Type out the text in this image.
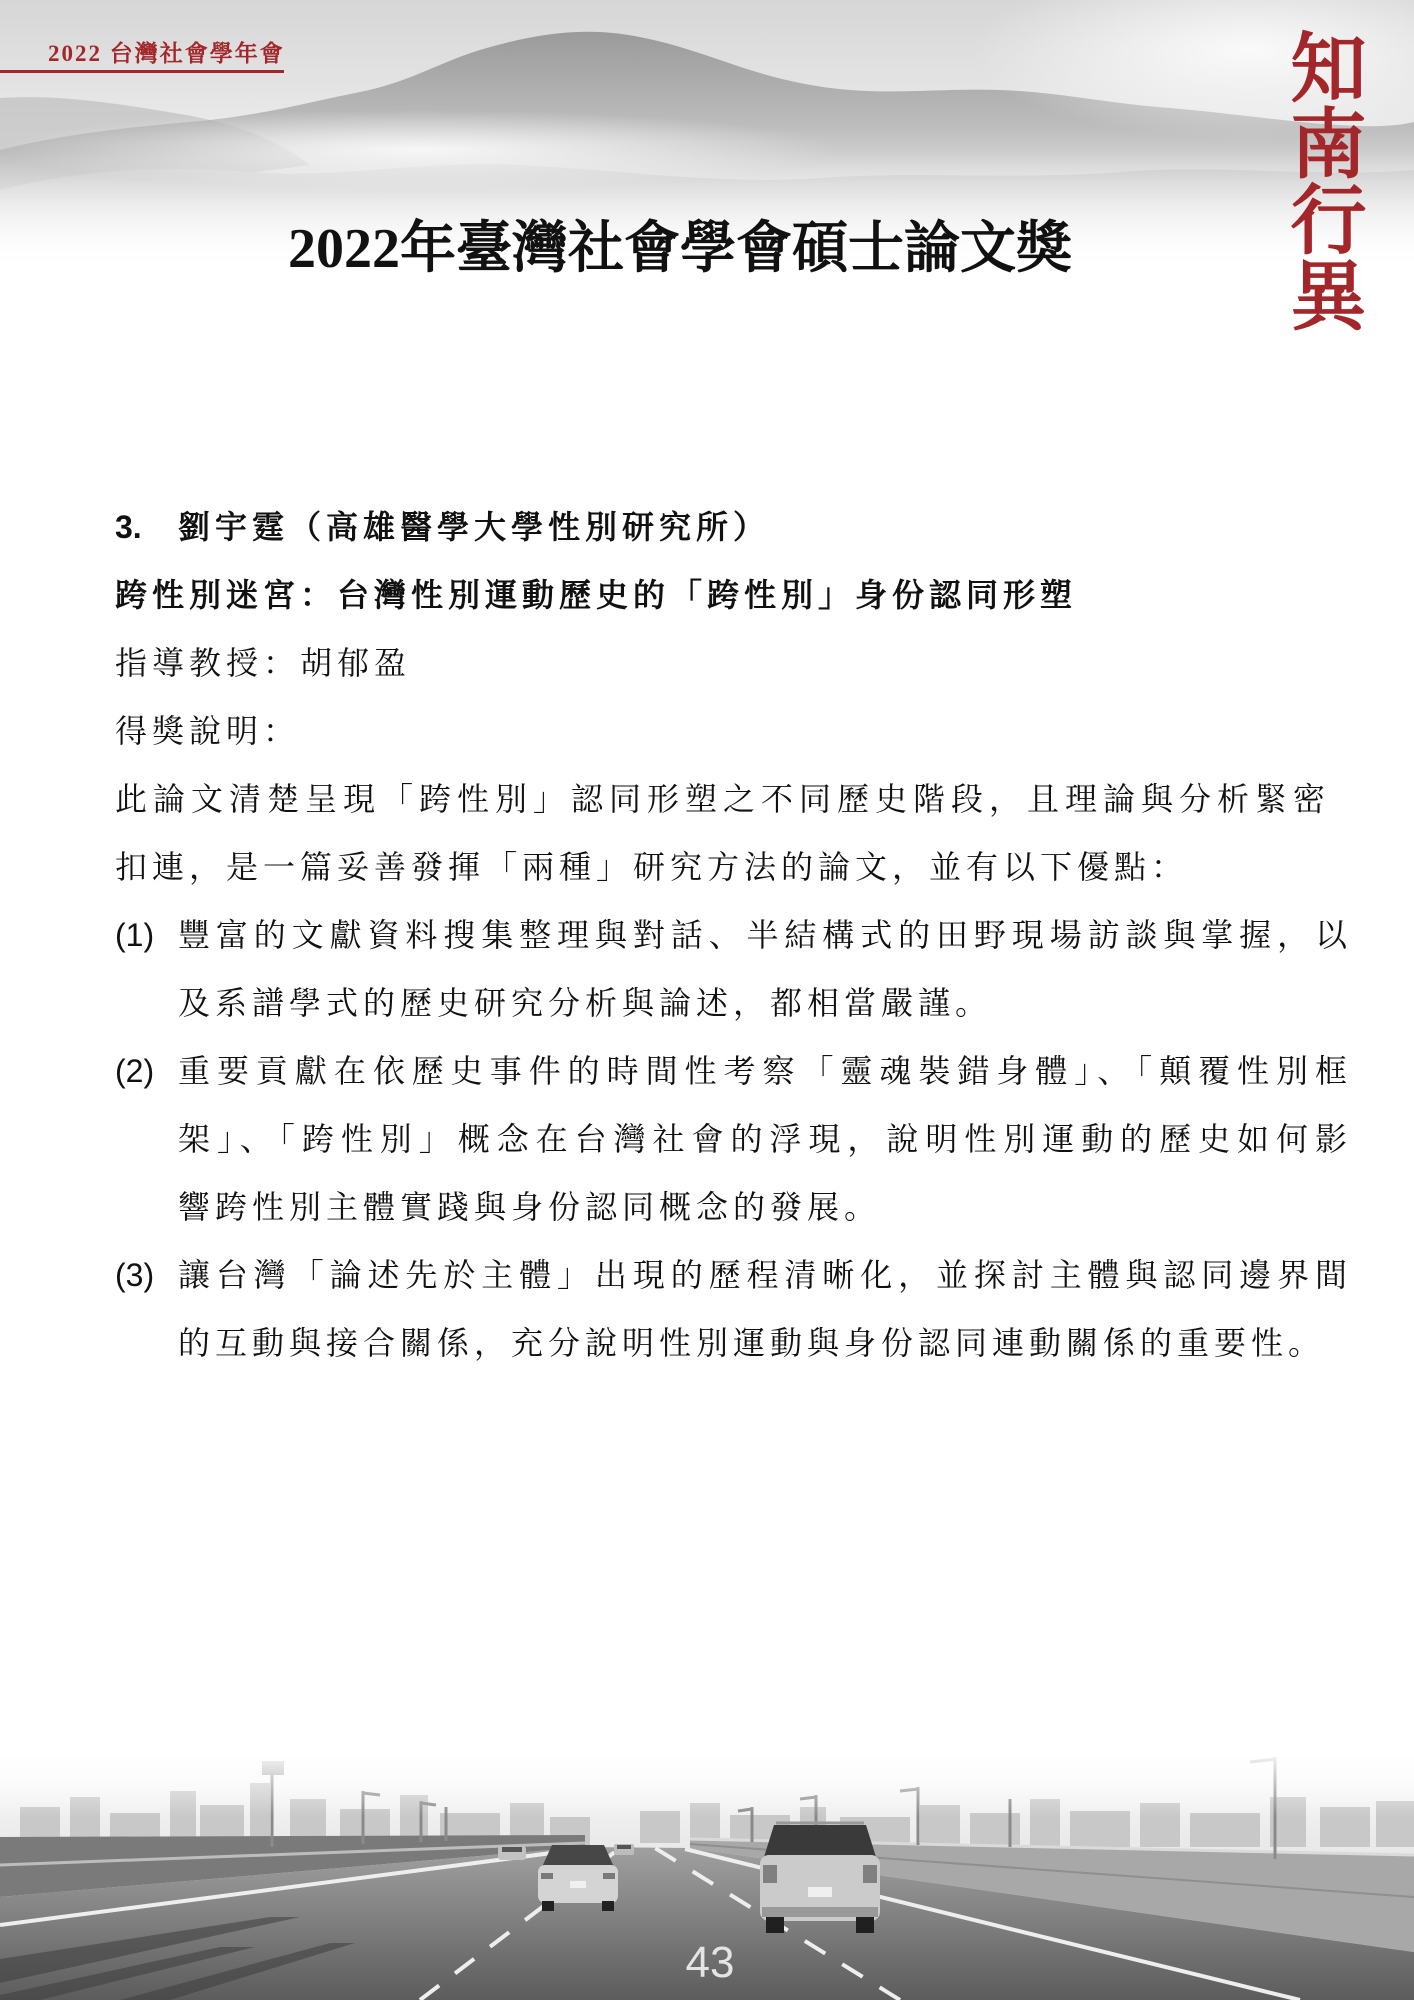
2022 台灣社會學年會	知南行異
2022年臺灣社會學會碩士論文獎
3.	劉宇霆（高雄醫學大學性別研究所）
跨性別迷宮：台灣性別運動歷史的「跨性別」身份認同形塑
指導教授：胡郁盈
得獎說明：
此論文清楚呈現「跨性別」認同形塑之不同歷史階段，且理論與分析緊密
扣連，是一篇妥善發揮「兩種」研究方法的論文，並有以下優點：
(1) 豐富的文獻資料搜集整理與對話、半結構式的田野現場訪談與掌握，以
及系譜學式的歷史研究分析與論述，都相當嚴謹。
(2) 重要貢獻在依歷史事件的時間性考察「靈魂裝錯身體」、「顛覆性別框
架」、「跨性別」概念在台灣社會的浮現，說明性別運動的歷史如何影
響跨性別主體實踐與身份認同概念的發展。
(3) 讓台灣「論述先於主體」出現的歷程清晰化，並探討主體與認同邊界間
的互動與接合關係，充分說明性別運動與身份認同連動關係的重要性。
43
